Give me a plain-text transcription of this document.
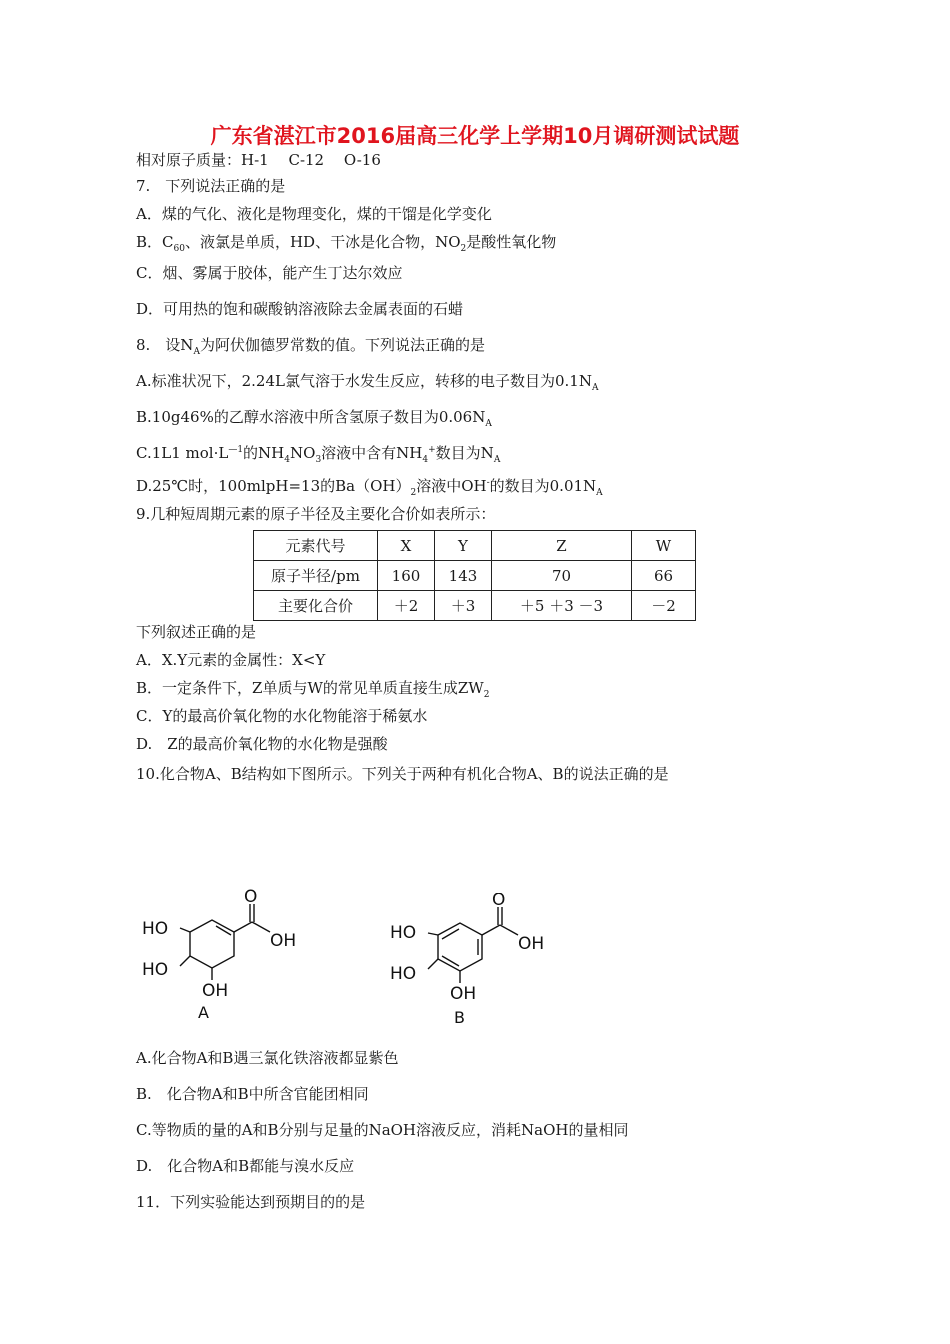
广东省湛江市2016届高三化学上学期10月调研测试试题
相对原子质量：H-1　 C-12　 O-16
7.　下列说法正确的是
A．煤的气化、液化是物理变化，煤的干馏是化学变化
B．$C_{60}$、液氯是单质，HD、干冰是化合物，$NO_2$是酸性氧化物
C．烟、雾属于胶体，能产生丁达尔效应
D．可用热的饱和碳酸钠溶液除去金属表面的石蜡
8.　设$N_A$为阿伏伽德罗常数的值。下列说法正确的是
A.标准状况下，2.24L氯气溶于水发生反应，转移的电子数目为$0.1N_A$
B.10g46%的乙醇水溶液中所含氢原子数目为$0.06N_A$
C.1L1 $mol\cdot L^{—1}$的$NH_4NO_3$溶液中含有$NH_4^+$数目为$N_A$
D.25℃时，100mlpH=13的$Ba(OH)_2$溶液中OH-的数目为$0.01N_A$
9.几种短周期元素的原子半径及主要化合价如表所示：
元素代号	X	Y	Z	W
原子半径/pm	160	143	70	66
主要化合价	＋2	＋3	＋5 ＋3 －3	－2
下列叙述正确的是
A．X.Y元素的金属性：X<Y
B．一定条件下，Z单质与W的常见单质直接生成$ZW_2$
C．Y的最高价氧化物的水化物能溶于稀氨水
D.　Z的最高价氧化物的水化物是强酸
10.化合物A、B结构如下图所示。下列关于两种有机化合物A、B的说法正确的是
O
OH
HO
HO
OH
A
O
OH
HO
HO
OH
B
A.化合物A和B遇三氯化铁溶液都显紫色
B.　化合物A和B中所含官能团相同
C.等物质的量的A和B分别与足量的NaOH溶液反应，消耗NaOH的量相同
D.　化合物A和B都能与溴水反应
11．下列实验能达到预期目的的是
